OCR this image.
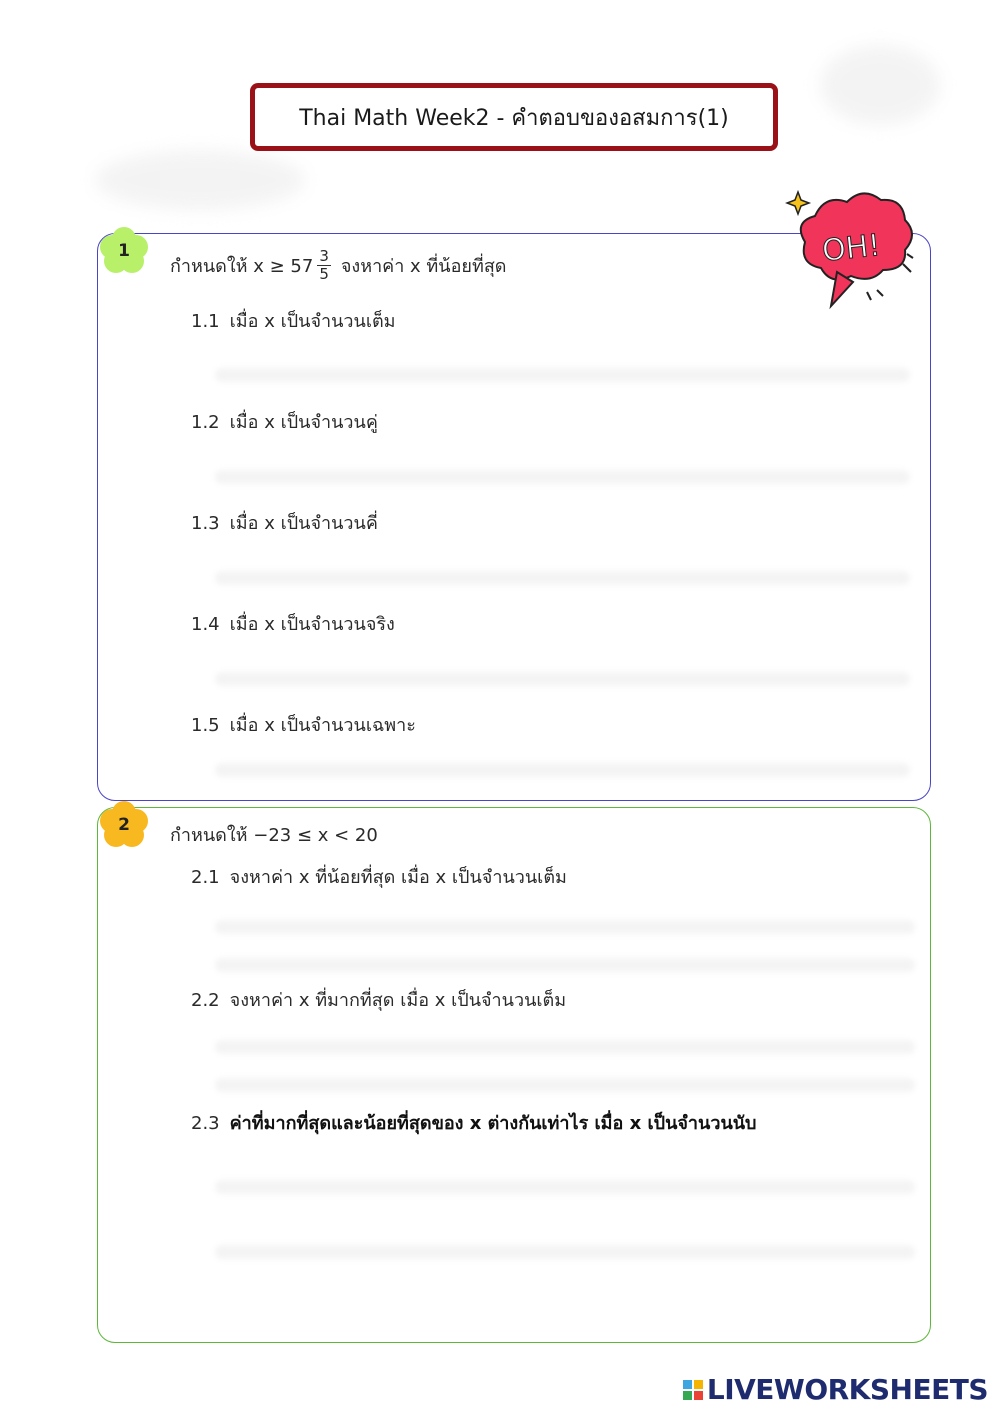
Thai Math Week2 - คำตอบของอสมการ(1)
1
กำหนดให้ $x \ge 57 \frac{3}{5}$ จงหาค่า x ที่น้อยที่สุด
1.1 เมื่อ x เป็นจำนวนเต็ม
1.2 เมื่อ x เป็นจำนวนคู่
1.3 เมื่อ x เป็นจำนวนคี่
1.4 เมื่อ x เป็นจำนวนจริง
1.5 เมื่อ x เป็นจำนวนเฉพาะ
OH!
2 กำหนดให้ −23 ≤ x < 20
2.1 จงหาค่า x ที่น้อยที่สุด เมื่อ x เป็นจำนวนเต็ม
2.2 จงหาค่า x ที่มากที่สุด เมื่อ x เป็นจำนวนเต็ม
2.3 ค่าที่มากที่สุดและน้อยที่สุดของ x ต่างกันเท่าไร เมื่อ x เป็นจำนวนนับ
LIVEWORKSHEETS
